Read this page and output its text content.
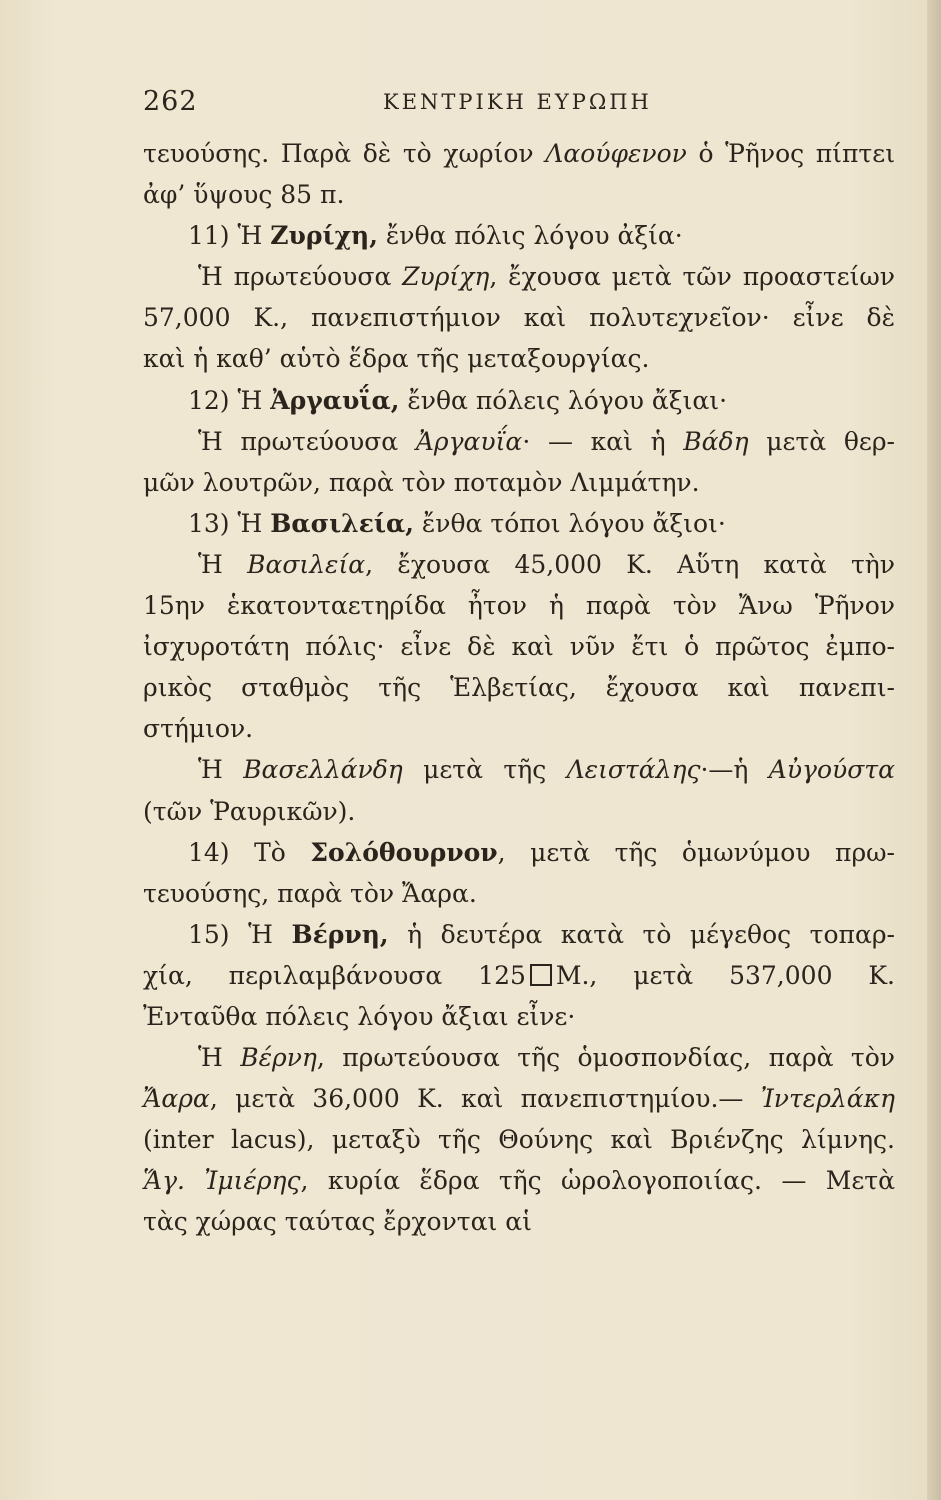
262	ΚΕΝΤΡΙΚΗ ΕΥΡΩΠΗ
τευούσης. Παρὰ δὲ τὸ χωρίον Λαούφενον ὁ Ῥῆνος πίπτει
ἀφ’ ὕψους 85 π.
11) Ἡ Ζυρίχη, ἔνθα πόλις λόγου ἀξία·
Ἡ πρωτεύουσα Ζυρίχη, ἔχουσα μετὰ τῶν προαστείων
57,000 Κ., πανεπιστήμιον καὶ πολυτεχνεῖον· εἶνε δὲ
καὶ ἡ καθ’ αὑτὸ ἕδρα τῆς μεταξουργίας.
12) Ἡ Ἀργαυΐα, ἔνθα πόλεις λόγου ἄξιαι·
Ἡ πρωτεύουσα Ἀργαυΐα· — καὶ ἡ Βάδη μετὰ θερ-
μῶν λουτρῶν, παρὰ τὸν ποταμὸν Λιμμάτην.
13) Ἡ Βασιλεία, ἔνθα τόποι λόγου ἄξιοι·
Ἡ Βασιλεία, ἔχουσα 45,000 Κ. Αὕτη κατὰ τὴν
15ην ἑκατονταετηρίδα ἦτον ἡ παρὰ τὸν Ἄνω Ῥῆνον
ἰσχυροτάτη πόλις· εἶνε δὲ καὶ νῦν ἔτι ὁ πρῶτος ἐμπο-
ρικὸς σταθμὸς τῆς Ἑλβετίας, ἔχουσα καὶ πανεπι-
στήμιον.
Ἡ Βασελλάνδη μετὰ τῆς Λειστάλης·—ἡ Αὐγούστα
(τῶν Ῥαυρικῶν).
14) Τὸ Σολόθουρνον, μετὰ τῆς ὁμωνύμου πρω-
τευούσης, παρὰ τὸν Ἄαρα.
15) Ἡ Βέρνη, ἡ δευτέρα κατὰ τὸ μέγεθος τοπαρ-
χία, περιλαμβάνουσα 125 Μ., μετὰ 537,000 Κ.
Ἐνταῦθα πόλεις λόγου ἄξιαι εἶνε·
Ἡ Βέρνη, πρωτεύουσα τῆς ὁμοσπονδίας, παρὰ τὸν
Ἄαρα, μετὰ 36,000 Κ. καὶ πανεπιστημίου.— Ἰντερλάκη
(inter lacus), μεταξὺ τῆς Θούνης καὶ Βριένζης λίμνης.
Ἅγ. Ἰμιέρης, κυρία ἕδρα τῆς ὡρολογοποιίας. — Μετὰ
τὰς χώρας ταύτας ἔρχονται αἱ
